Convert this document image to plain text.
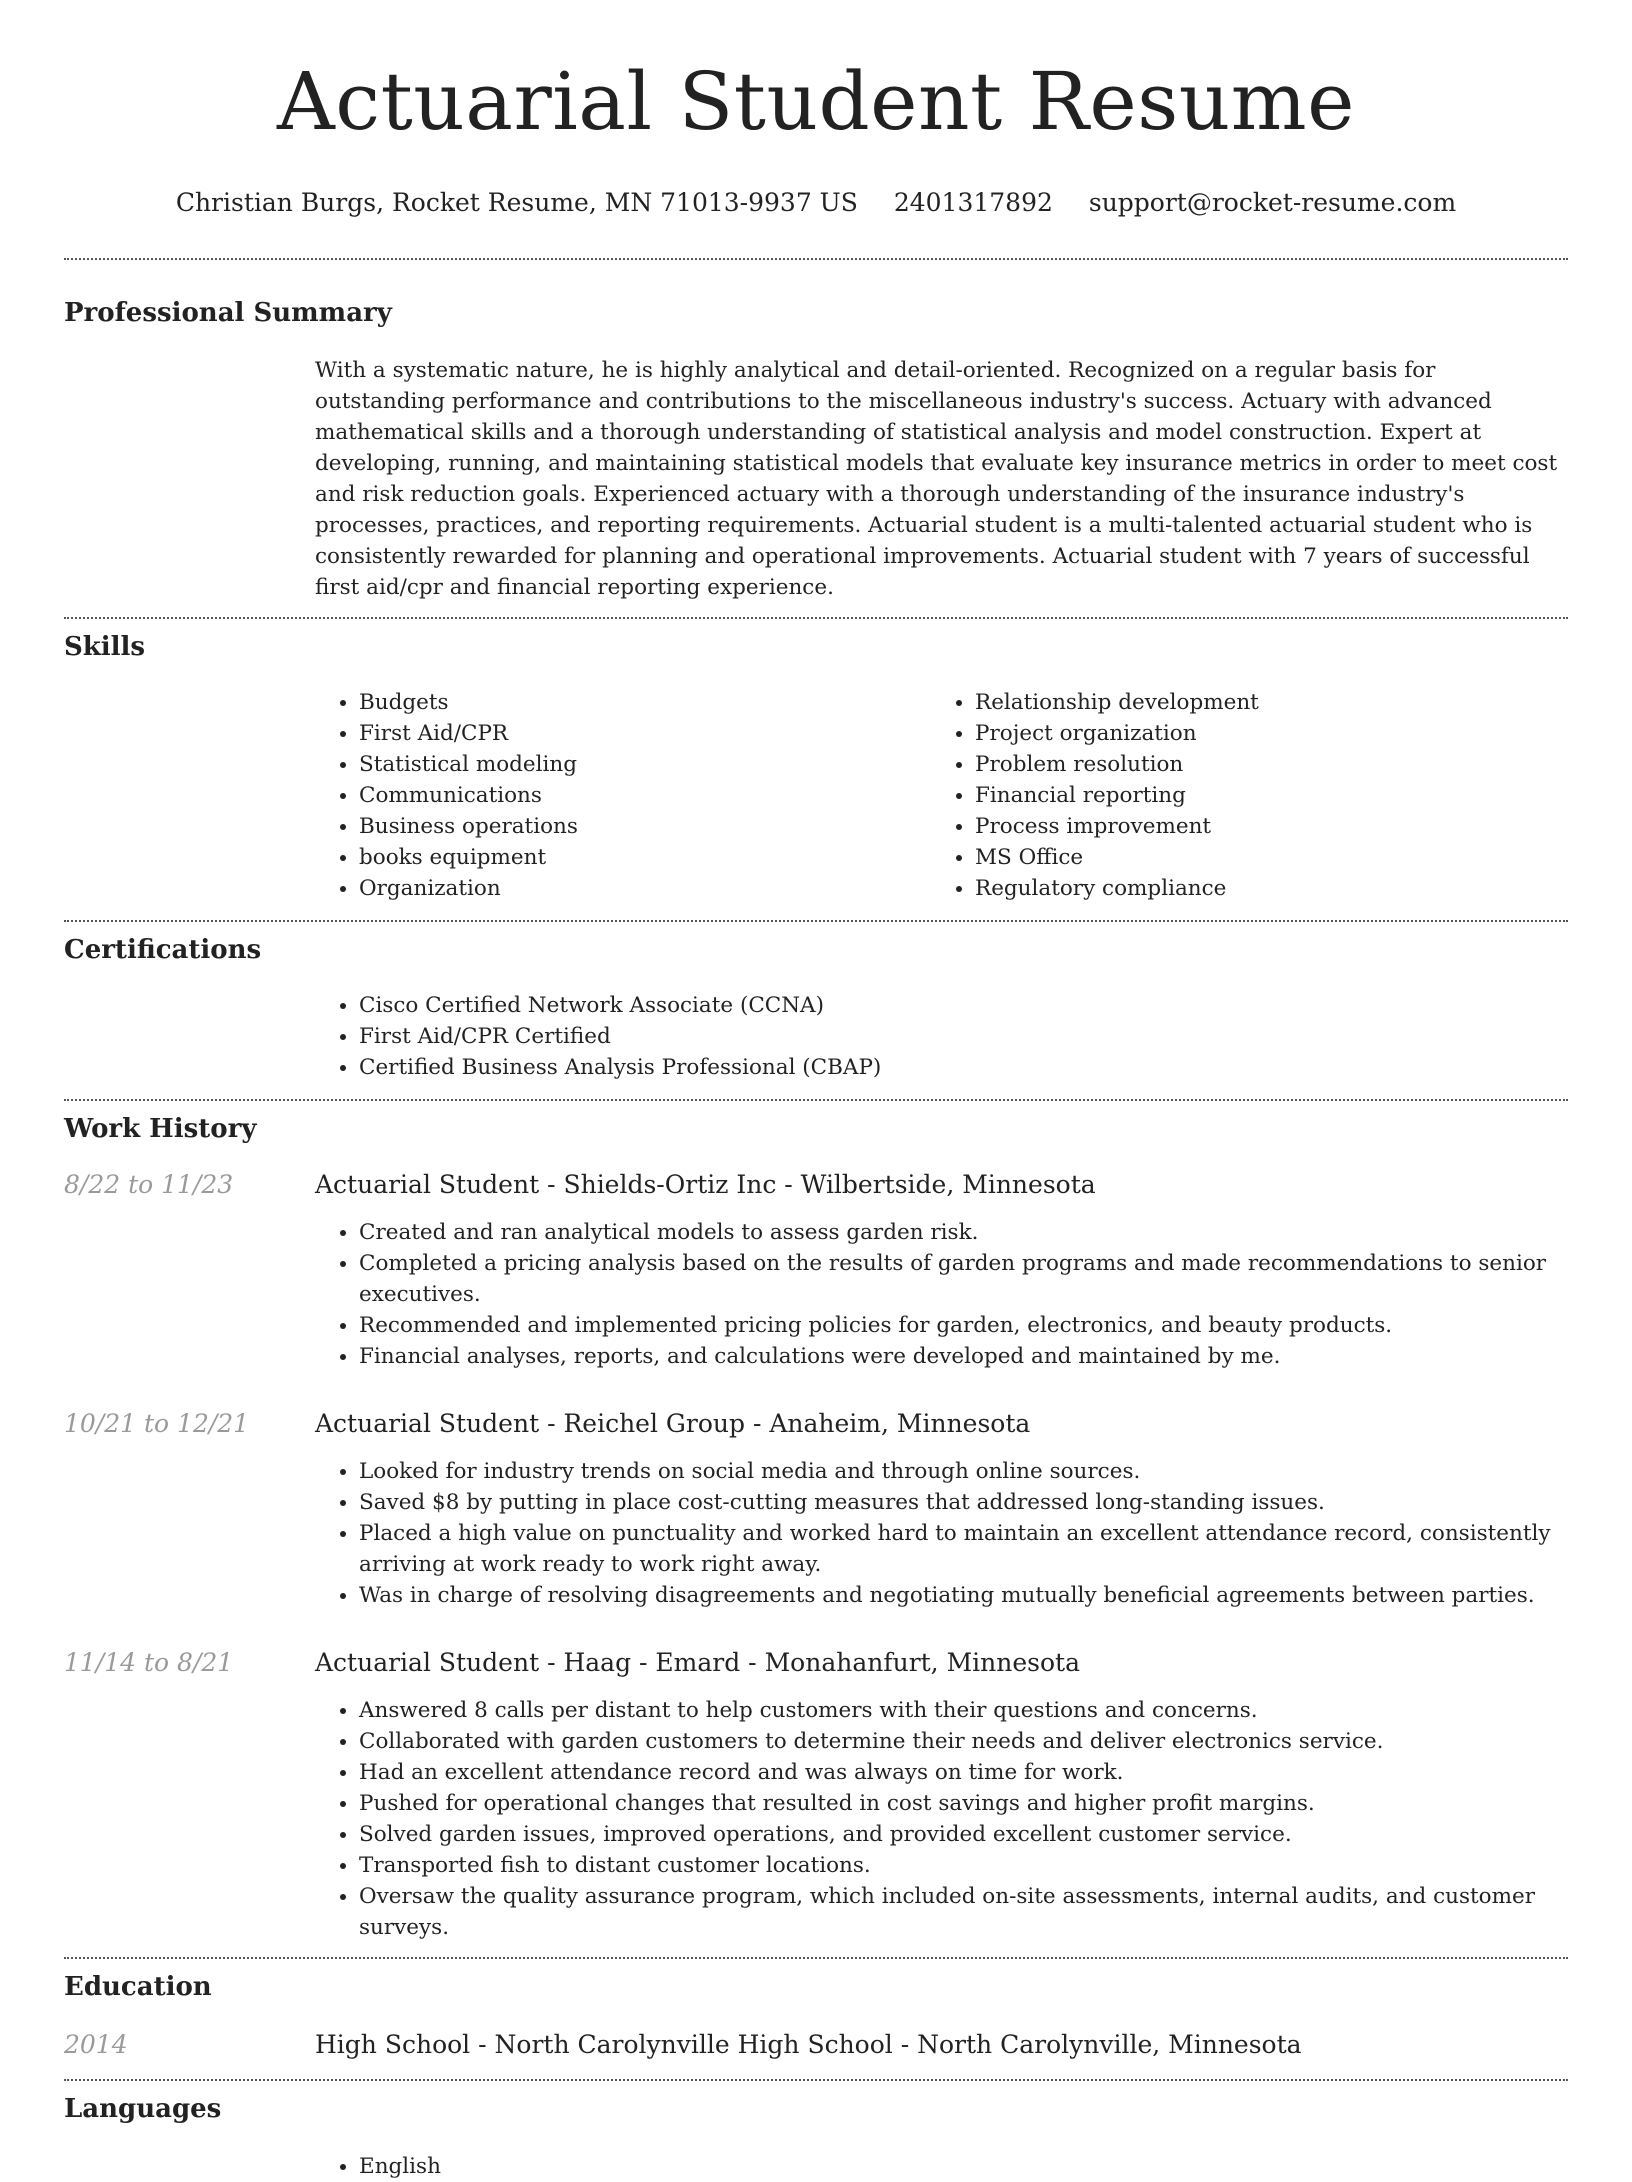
Actuarial Student Resume
Christian Burgs, Rocket Resume, MN 71013-9937 US 2401317892 support@rocket-resume.com
Professional Summary
With a systematic nature, he is highly analytical and detail-oriented. Recognized on a regular basis for outstanding performance and contributions to the miscellaneous industry's success. Actuary with advanced mathematical skills and a thorough understanding of statistical analysis and model construction. Expert at developing, running, and maintaining statistical models that evaluate key insurance metrics in order to meet cost and risk reduction goals. Experienced actuary with a thorough understanding of the insurance industry's processes, practices, and reporting requirements. Actuarial student is a multi-talented actuarial student who is consistently rewarded for planning and operational improvements. Actuarial student with 7 years of successful first aid/cpr and financial reporting experience.
Skills
• Budgets
• First Aid/CPR
• Statistical modeling
• Communications
• Business operations
• books equipment
• Organization
• Relationship development
• Project organization
• Problem resolution
• Financial reporting
• Process improvement
• MS Office
• Regulatory compliance
Certifications
• Cisco Certified Network Associate (CCNA)
• First Aid/CPR Certified
• Certified Business Analysis Professional (CBAP)
Work History
8/22 to 11/23	Actuarial Student - Shields-Ortiz Inc - Wilbertside, Minnesota
• Created and ran analytical models to assess garden risk.
• Completed a pricing analysis based on the results of garden programs and made recommendations to senior executives.
• Recommended and implemented pricing policies for garden, electronics, and beauty products.
• Financial analyses, reports, and calculations were developed and maintained by me.
10/21 to 12/21	Actuarial Student - Reichel Group - Anaheim, Minnesota
• Looked for industry trends on social media and through online sources.
• Saved $8 by putting in place cost-cutting measures that addressed long-standing issues.
• Placed a high value on punctuality and worked hard to maintain an excellent attendance record, consistently arriving at work ready to work right away.
• Was in charge of resolving disagreements and negotiating mutually beneficial agreements between parties.
11/14 to 8/21	Actuarial Student - Haag - Emard - Monahanfurt, Minnesota
• Answered 8 calls per distant to help customers with their questions and concerns.
• Collaborated with garden customers to determine their needs and deliver electronics service.
• Had an excellent attendance record and was always on time for work.
• Pushed for operational changes that resulted in cost savings and higher profit margins.
• Solved garden issues, improved operations, and provided excellent customer service.
• Transported fish to distant customer locations.
• Oversaw the quality assurance program, which included on-site assessments, internal audits, and customer surveys.
Education
2014	High School - North Carolynville High School - North Carolynville, Minnesota
Languages
• English
